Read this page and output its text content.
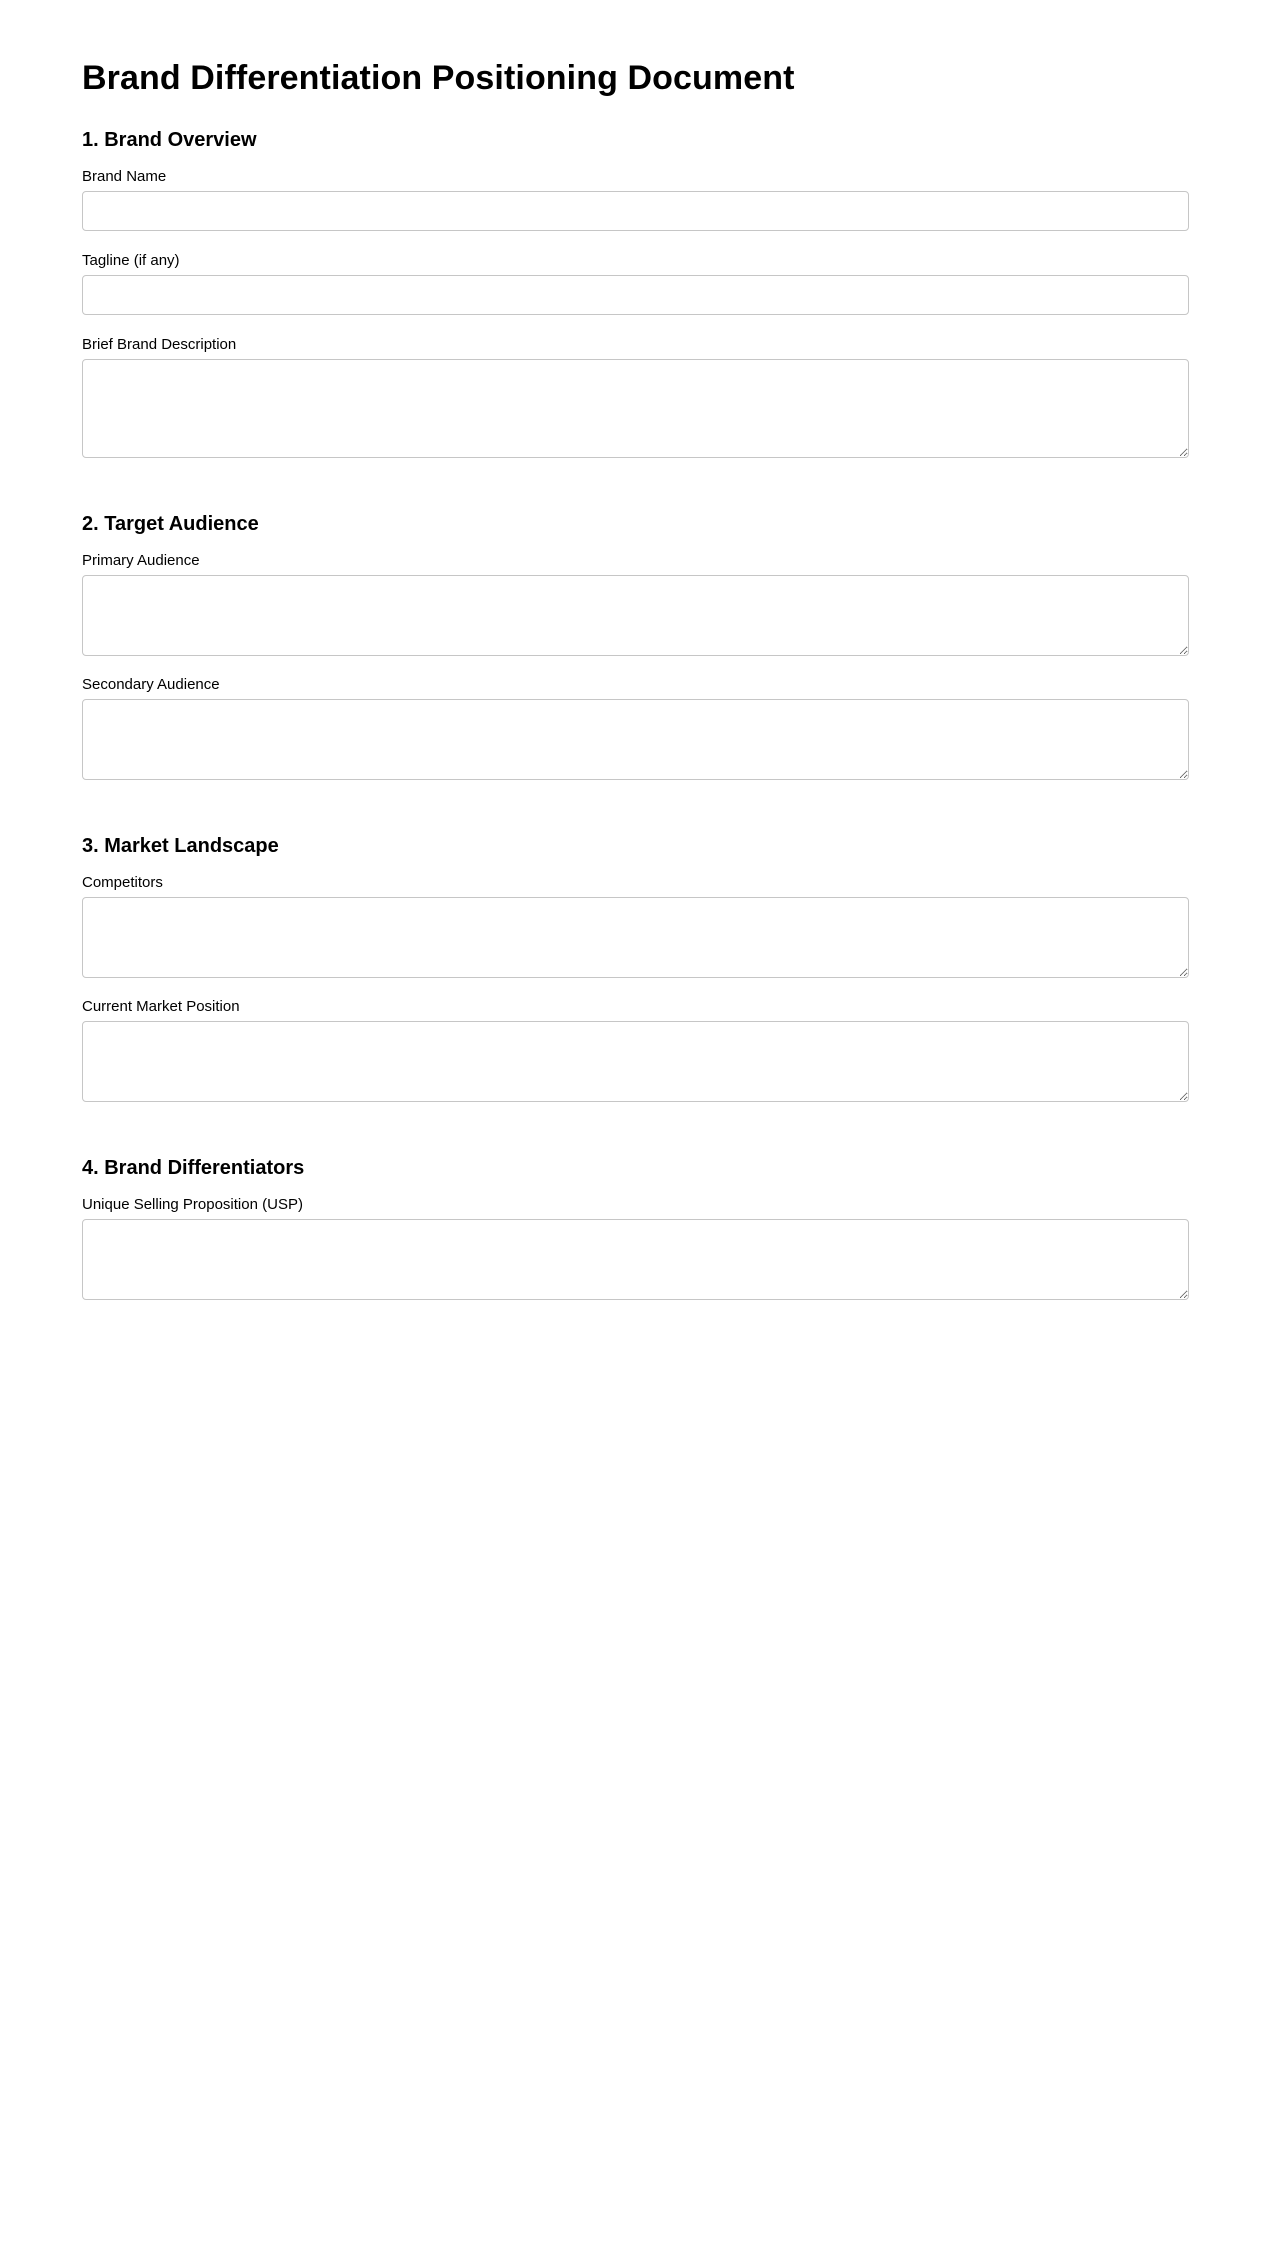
Brand Differentiation Positioning Document
1. Brand Overview
Brand Name
Tagline (if any)
Brief Brand Description
2. Target Audience
Primary Audience
Secondary Audience
3. Market Landscape
Competitors
Current Market Position
4. Brand Differentiators
Unique Selling Proposition (USP)
